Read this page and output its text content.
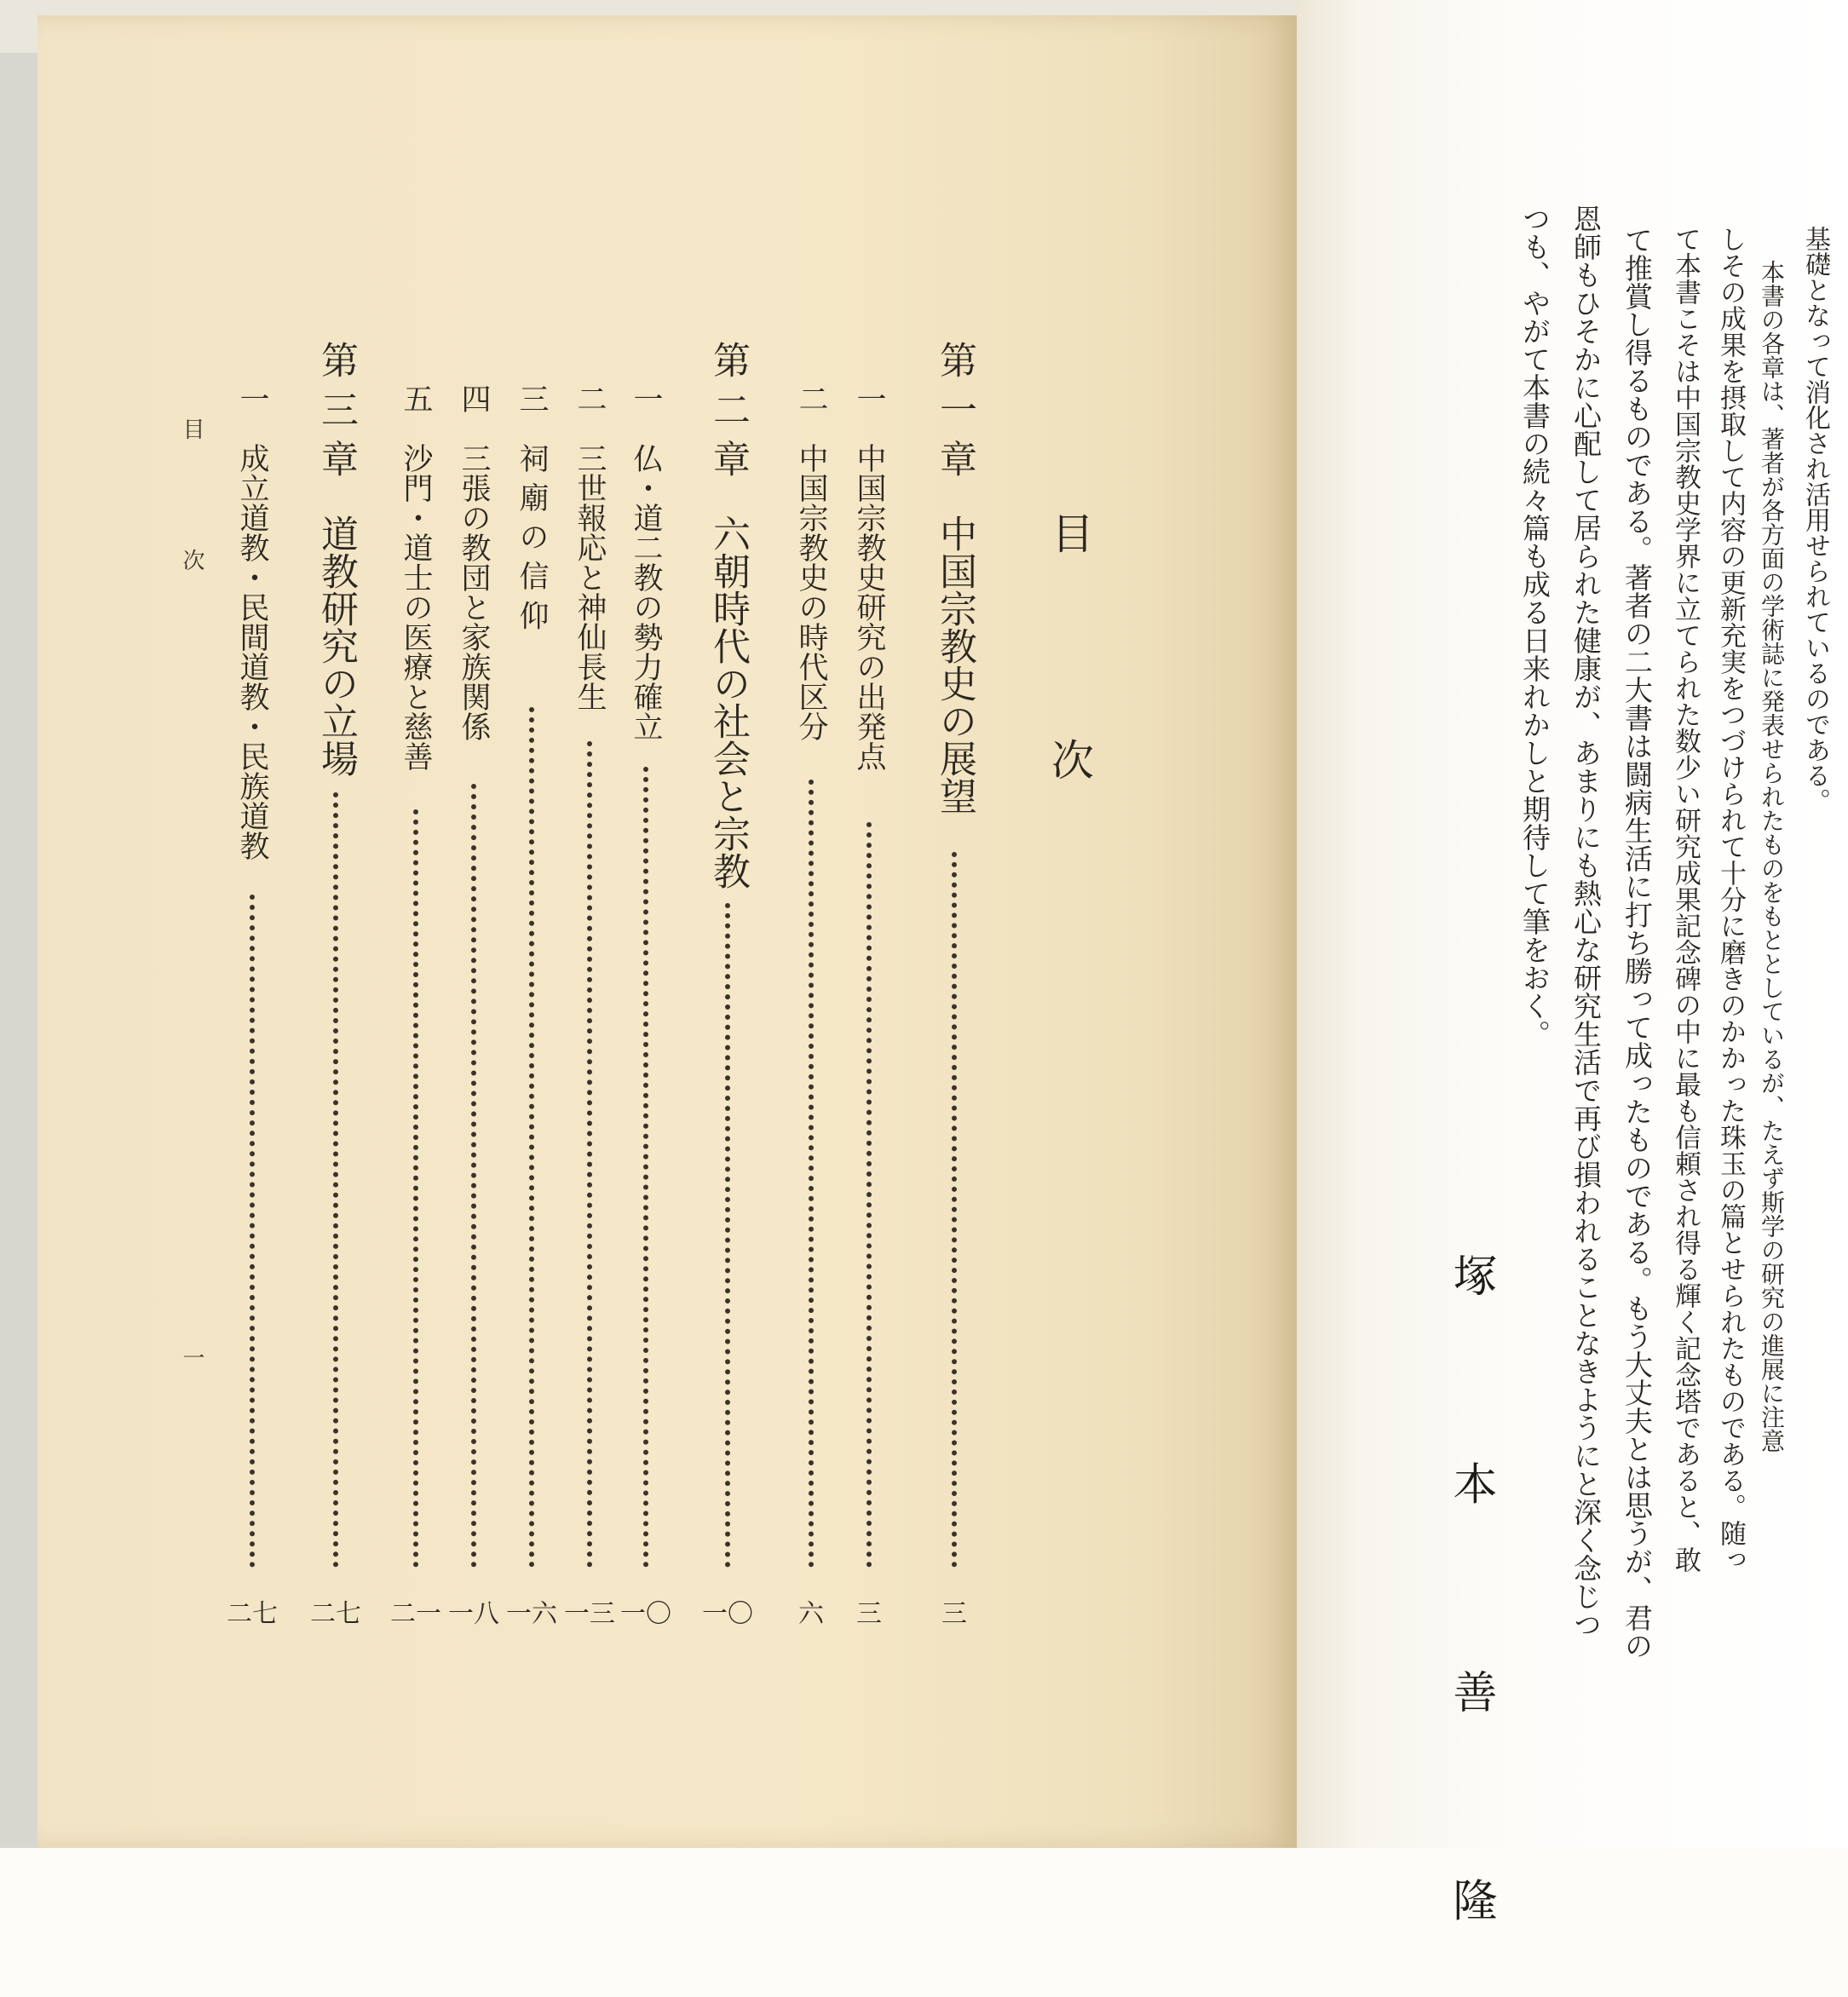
目 次
第 一 章　中国宗教史の展望
三
一　中国宗教史研究の出発点
三
二　中国宗教史の時代区分
六
第 二 章　六朝時代の社会と宗教
一〇
一　仏・道二教の勢力確立
一〇
二　三世報応と神仙長生
一三
三　祠 廟 の 信 仰
一六
四　三張の教団と家族関係
一八
五　沙門・道士の医療と慈善
二一
第 三 章　道教研究の立場
二七
一　成立道教・民間道教・民族道教
二七
目 次
一
基礎となって消化され活用せられているのである。
本書の各章は、著者が各方面の学術誌に発表せられたものをもととしているが、たえず斯学の研究の進展に注意
しその成果を摂取して内容の更新充実をつづけられて十分に磨きのかかった珠玉の篇とせられたものである。随っ
て本書こそは中国宗教史学界に立てられた数少い研究成果記念碑の中に最も信頼され得る輝く記念塔であると、敢
て推賞し得るものである。著者の二大書は闘病生活に打ち勝って成ったものである。もう大丈夫とは思うが、君の
恩師もひそかに心配して居られた健康が、あまりにも熱心な研究生活で再び損われることなきようにと深く念じつ
つも、やがて本書の続々篇も成る日来れかしと期待して筆をおく。
塚 本 善 隆
